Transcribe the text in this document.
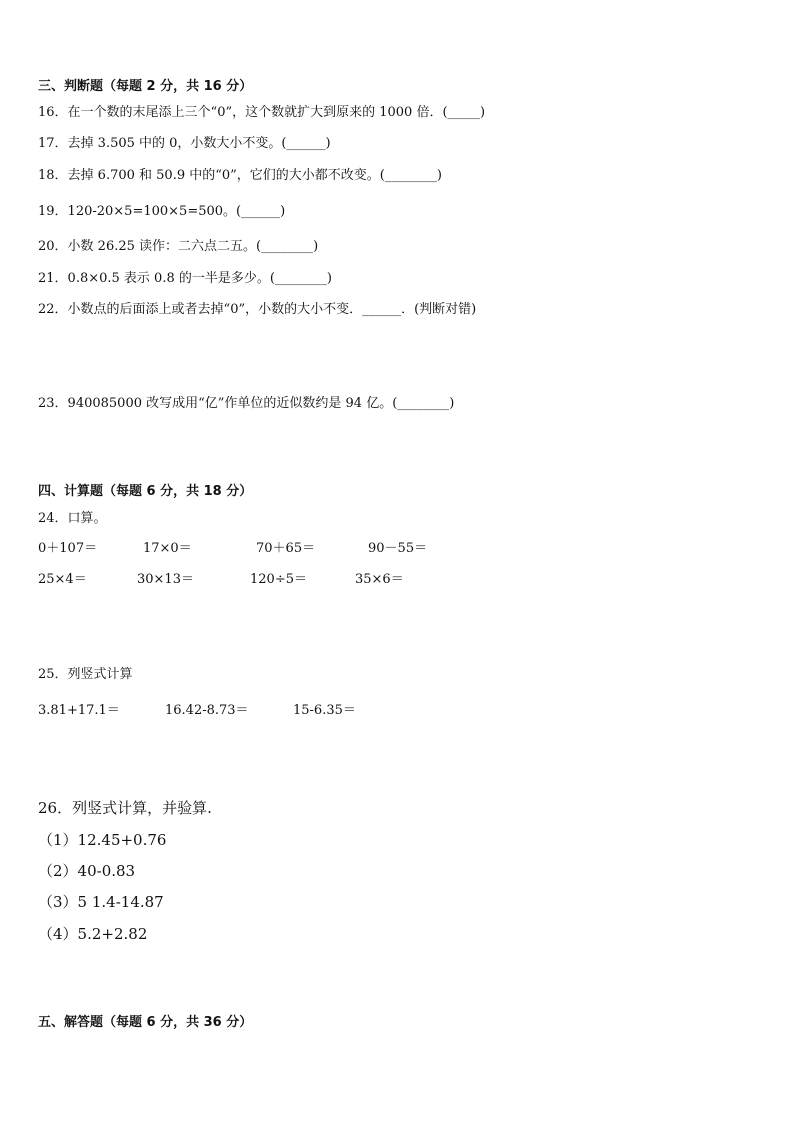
三、判断题（每题 2 分，共 16 分）
16．在一个数的末尾添上三个“0”，这个数就扩大到原来的 1000 倍．(_____)
17．去掉 3.505 中的 0，小数大小不变。(______)
18．去掉 6.700 和 50.9 中的“0”，它们的大小都不改变。(________)
19．120-20×5=100×5=500。(______)
20．小数 26.25 读作：二六点二五。(________)
21．0.8×0.5 表示 0.8 的一半是多少。(________)
22．小数点的后面添上或者去掉“0”，小数的大小不变．______．(判断对错)
23．940085000 改写成用“亿”作单位的近似数约是 94 亿。(________)
四、计算题（每题 6 分，共 18 分）
24．口算。
0＋107＝	17×0＝	70＋65＝	90－55＝
25×4＝	30×13＝	120÷5＝	35×6＝
25．列竖式计算
3.81+17.1＝	16.42-8.73＝	15-6.35＝
26．列竖式计算，并验算.
（1）12.45+0.76
（2）40-0.83
（3）5 1.4-14.87
（4）5.2+2.82
五、解答题（每题 6 分，共 36 分）
